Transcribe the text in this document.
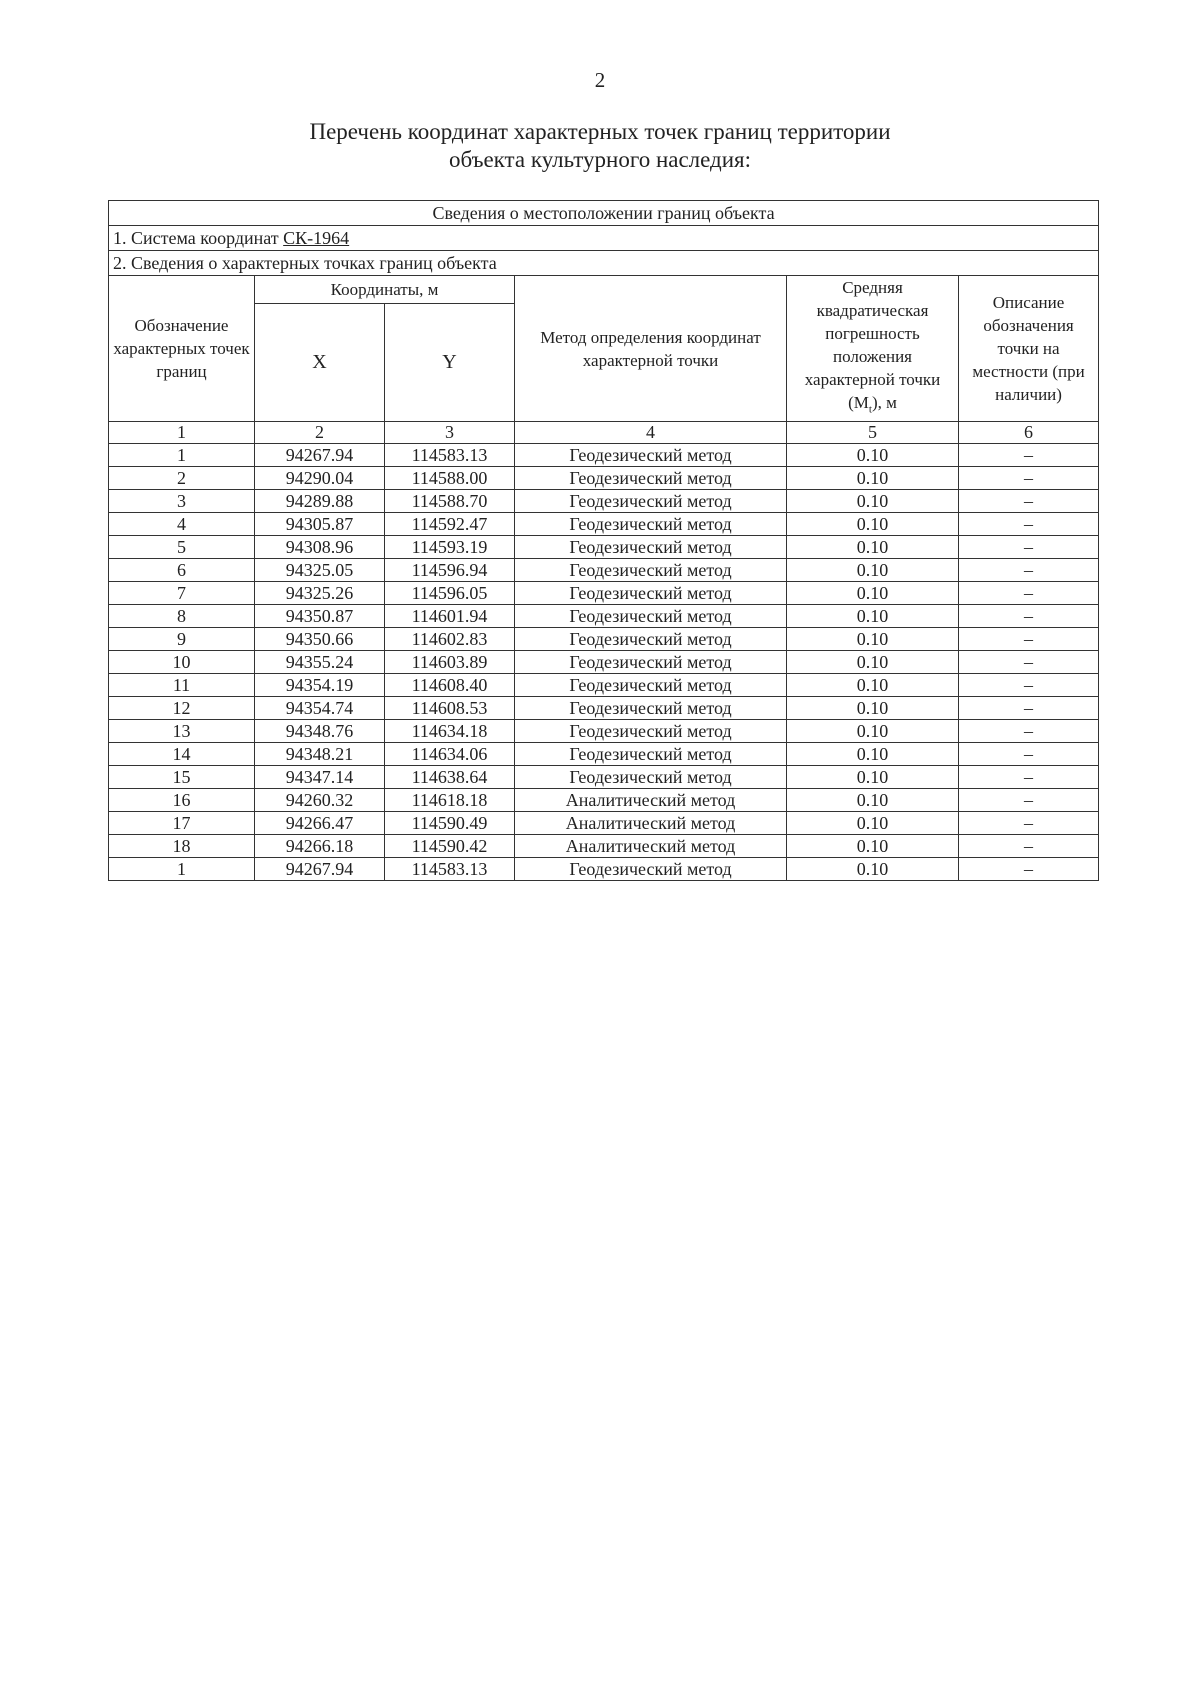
2
Перечень координат характерных точек границ территории
объекта культурного наследия:
Сведения о местоположении границ объекта					
1. Система координат СК-1964					
2. Сведения о характерных точках границ объекта					
Обозначение характерных точек границ	Координаты, м		Метод определения координат характерной точки	Средняя квадратическая погрешность положения характерной точки $(M_t)$, м	Описание обозначения точки на местности (при наличии)
	X	Y			
1	2	3	4	5	6
1	94267.94	114583.13	Геодезический метод	0.10	–
2	94290.04	114588.00	Геодезический метод	0.10	–
3	94289.88	114588.70	Геодезический метод	0.10	–
4	94305.87	114592.47	Геодезический метод	0.10	–
5	94308.96	114593.19	Геодезический метод	0.10	–
6	94325.05	114596.94	Геодезический метод	0.10	–
7	94325.26	114596.05	Геодезический метод	0.10	–
8	94350.87	114601.94	Геодезический метод	0.10	–
9	94350.66	114602.83	Геодезический метод	0.10	–
10	94355.24	114603.89	Геодезический метод	0.10	–
11	94354.19	114608.40	Геодезический метод	0.10	–
12	94354.74	114608.53	Геодезический метод	0.10	–
13	94348.76	114634.18	Геодезический метод	0.10	–
14	94348.21	114634.06	Геодезический метод	0.10	–
15	94347.14	114638.64	Геодезический метод	0.10	–
16	94260.32	114618.18	Аналитический метод	0.10	–
17	94266.47	114590.49	Аналитический метод	0.10	–
18	94266.18	114590.42	Аналитический метод	0.10	–
1	94267.94	114583.13	Геодезический метод	0.10	–
